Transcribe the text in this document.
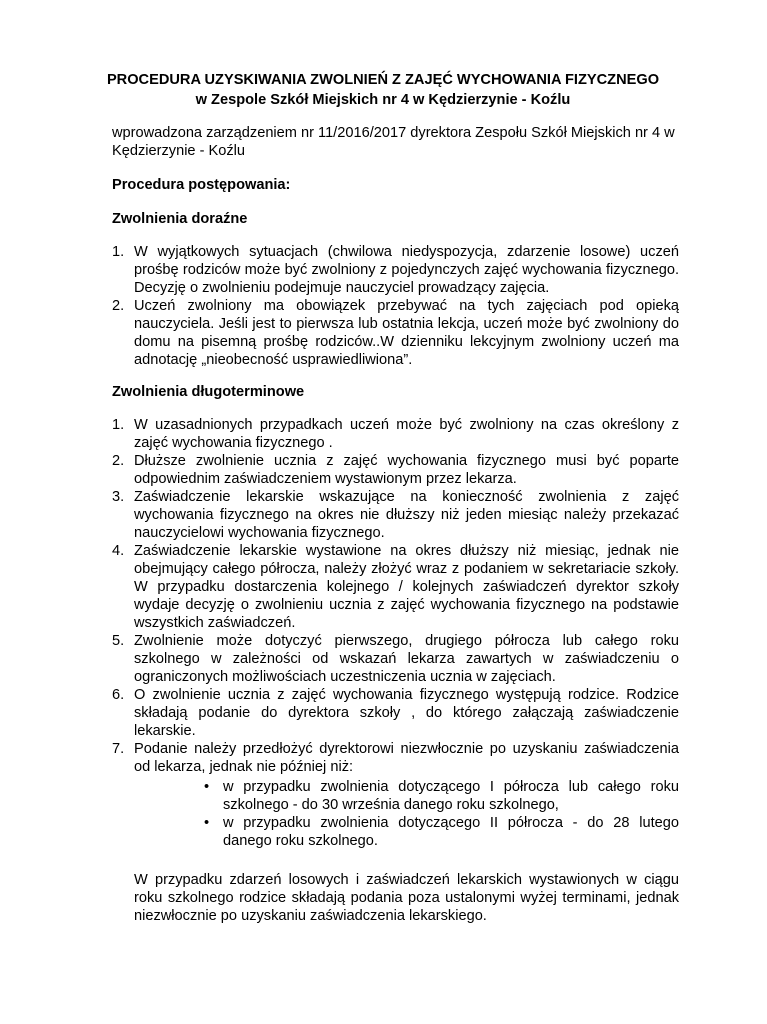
PROCEDURA UZYSKIWANIA ZWOLNIEŃ Z ZAJĘĆ WYCHOWANIA FIZYCZNEGO
w Zespole Szkół Miejskich nr 4 w Kędzierzynie - Koźlu
wprowadzona zarządzeniem nr 11/2016/2017 dyrektora Zespołu Szkół Miejskich nr 4 w Kędzierzynie - Koźlu
Procedura postępowania:
Zwolnienia doraźne
1. W wyjątkowych sytuacjach (chwilowa niedyspozycja, zdarzenie losowe) uczeń prośbę rodziców może być zwolniony z pojedynczych zajęć wychowania fizycznego. Decyzję o zwolnieniu podejmuje nauczyciel prowadzący zajęcia.
2. Uczeń zwolniony ma obowiązek przebywać na tych zajęciach pod opieką nauczyciela. Jeśli jest to pierwsza lub ostatnia lekcja, uczeń może być zwolniony do domu na pisemną prośbę rodziców..W dzienniku lekcyjnym zwolniony uczeń ma adnotację „nieobecność usprawiedliwiona”.
Zwolnienia długoterminowe
1. W uzasadnionych przypadkach uczeń może być zwolniony na czas określony z zajęć wychowania fizycznego .
2. Dłuższe zwolnienie ucznia z zajęć wychowania fizycznego musi być poparte odpowiednim zaświadczeniem wystawionym przez lekarza.
3. Zaświadczenie lekarskie wskazujące na konieczność zwolnienia z zajęć wychowania fizycznego na okres nie dłuższy niż jeden miesiąc należy przekazać nauczycielowi wychowania fizycznego.
4. Zaświadczenie lekarskie wystawione na okres dłuższy niż miesiąc, jednak nie obejmujący całego półrocza, należy złożyć wraz z podaniem w sekretariacie szkoły. W przypadku dostarczenia kolejnego / kolejnych zaświadczeń dyrektor szkoły wydaje decyzję o zwolnieniu ucznia z zajęć wychowania fizycznego na podstawie wszystkich zaświadczeń.
5. Zwolnienie może dotyczyć pierwszego, drugiego półrocza lub całego roku szkolnego w zależności od wskazań lekarza zawartych w zaświadczeniu o ograniczonych możliwościach uczestniczenia ucznia w zajęciach.
6. O zwolnienie ucznia z zajęć wychowania fizycznego występują rodzice. Rodzice składają podanie do dyrektora szkoły , do którego załączają zaświadczenie lekarskie.
7. Podanie należy przedłożyć dyrektorowi niezwłocznie po uzyskaniu zaświadczenia od lekarza, jednak nie później niż:
• w przypadku zwolnienia dotyczącego I półrocza lub całego roku szkolnego - do 30 września danego roku szkolnego,
• w przypadku zwolnienia dotyczącego II półrocza - do 28 lutego danego roku szkolnego.
W przypadku zdarzeń losowych i zaświadczeń lekarskich wystawionych w ciągu roku szkolnego rodzice składają podania poza ustalonymi wyżej terminami, jednak niezwłocznie po uzyskaniu zaświadczenia lekarskiego.
